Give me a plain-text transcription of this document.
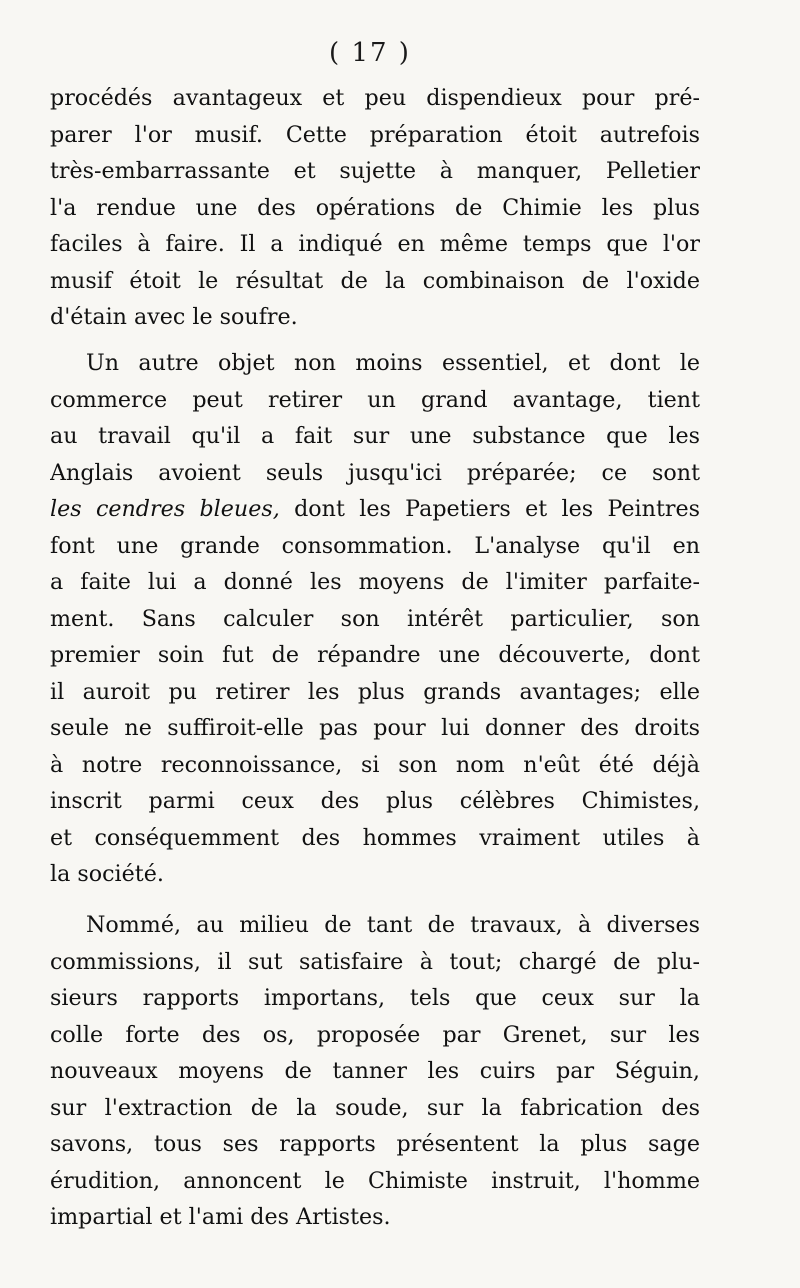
( 17 )
procédés avantageux et peu dispendieux pour pré-
parer l'or musif. Cette préparation étoit autrefois
très-embarrassante et sujette à manquer, Pelletier
l'a rendue une des opérations de Chimie les plus
faciles à faire. Il a indiqué en même temps que l'or
musif étoit le résultat de la combinaison de l'oxide
d'étain avec le soufre.
Un autre objet non moins essentiel, et dont le
commerce peut retirer un grand avantage, tient
au travail qu'il a fait sur une substance que les
Anglais avoient seuls jusqu'ici préparée; ce sont
les cendres bleues, dont les Papetiers et les Peintres
font une grande consommation. L'analyse qu'il en
a faite lui a donné les moyens de l'imiter parfaite-
ment. Sans calculer son intérêt particulier, son
premier soin fut de répandre une découverte, dont
il auroit pu retirer les plus grands avantages; elle
seule ne suffiroit-elle pas pour lui donner des droits
à notre reconnoissance, si son nom n'eût été déjà
inscrit parmi ceux des plus célèbres Chimistes,
et conséquemment des hommes vraiment utiles à
la société.
Nommé, au milieu de tant de travaux, à diverses
commissions, il sut satisfaire à tout; chargé de plu-
sieurs rapports importans, tels que ceux sur la
colle forte des os, proposée par Grenet, sur les
nouveaux moyens de tanner les cuirs par Séguin,
sur l'extraction de la soude, sur la fabrication des
savons, tous ses rapports présentent la plus sage
érudition, annoncent le Chimiste instruit, l'homme
impartial et l'ami des Artistes.
